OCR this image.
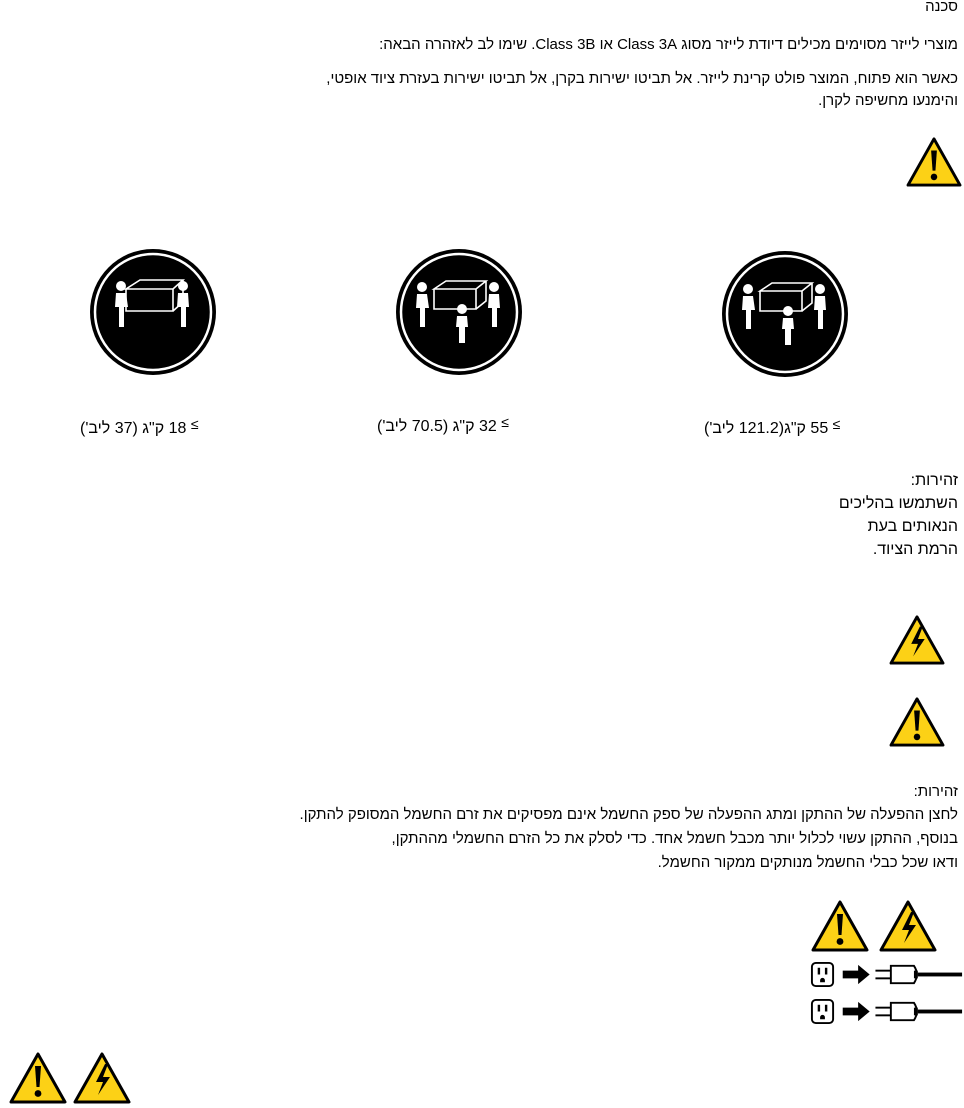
סכנה
מוצרי לייזר מסוימים מכילים דיודת לייזר מסוג Class 3A או Class 3B. שימו לב לאזהרה הבאה:
כאשר הוא פתוח, המוצר פולט קרינת לייזר. אל תביטו ישירות בקרן, אל תביטו ישירות בעזרת ציוד אופטי,
והימנעו מחשיפה לקרן.
55 ק"ג(121.2 ליב') ≤
32 ק"ג (70.5 ליב') ≤
18 ק"ג (37 ליב') ≤
זהירות:
השתמשו בהליכים
הנאותים בעת
הרמת הציוד.
זהירות:
לחצן ההפעלה של ההתקן ומתג ההפעלה של ספק החשמל אינם מפסיקים את זרם החשמל המסופק להתקן.
בנוסף, ההתקן עשוי לכלול יותר מכבל חשמל אחד. כדי לסלק את כל הזרם החשמלי מההתקן,
ודאו שכל כבלי החשמל מנותקים ממקור החשמל.
